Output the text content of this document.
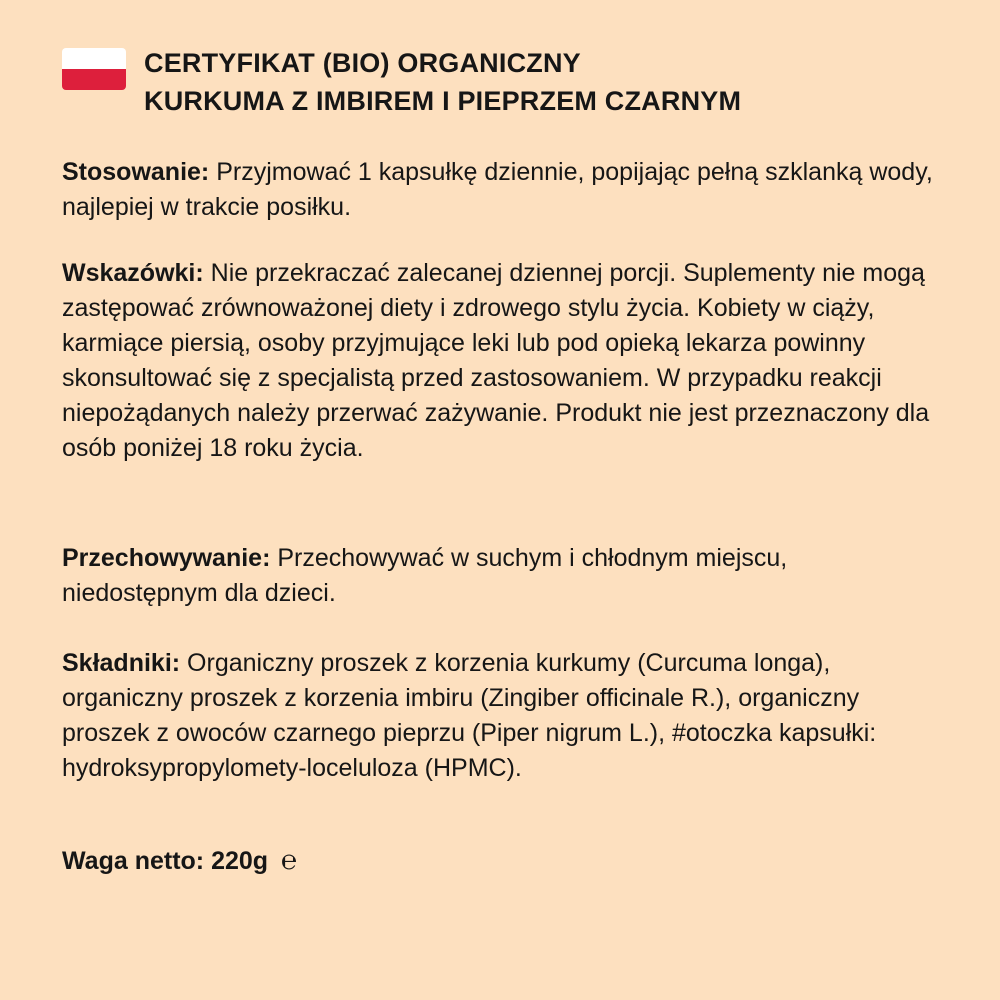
CERTYFIKAT (BIO) ORGANICZNY
KURKUMA Z IMBIREM I PIEPRZEM CZARNYM
Stosowanie: Przyjmować 1 kapsułkę dziennie, popijając pełną szklanką wody, najlepiej w trakcie posiłku.
Wskazówki: Nie przekraczać zalecanej dziennej porcji. Suplementy nie mogą zastępować zrównoważonej diety i zdrowego stylu życia. Kobiety w ciąży, karmiące piersią, osoby przyjmujące leki lub pod opieką lekarza powinny skonsultować się z specjalistą przed zastosowaniem. W przypadku reakcji niepożądanych należy przerwać zażywanie. Produkt nie jest przeznaczony dla osób poniżej 18 roku życia.
Przechowywanie: Przechowywać w suchym i chłodnym miejscu, niedostępnym dla dzieci.
Składniki: Organiczny proszek z korzenia kurkumy (Curcuma longa), organiczny proszek z korzenia imbiru (Zingiber officinale R.), organiczny proszek z owoców czarnego pieprzu (Piper nigrum L.), #otoczka kapsułki: hydroksypropylomety-loceluloza (HPMC).
Waga netto: 220g ℮
